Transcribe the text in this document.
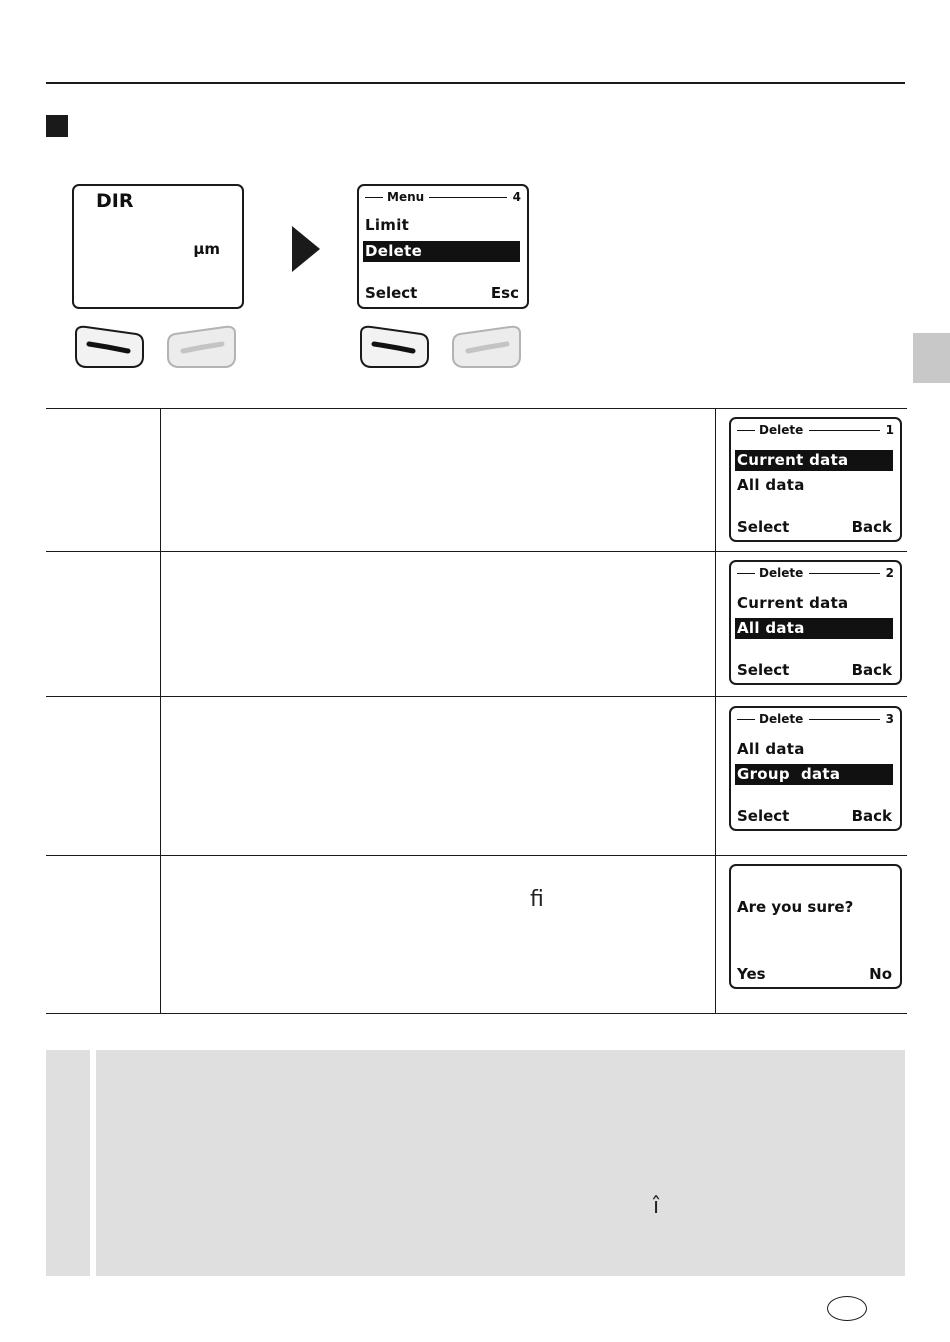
DIR
µm
Menu	4
Limit
Delete
Select	Esc
Delete	1
Current data
All data
Select	Back
Delete	2
Current data
All data
Select	Back
Delete	3
All data
Group  data
Select	Back
Are you sure?
Yes	No
ﬁ
î
